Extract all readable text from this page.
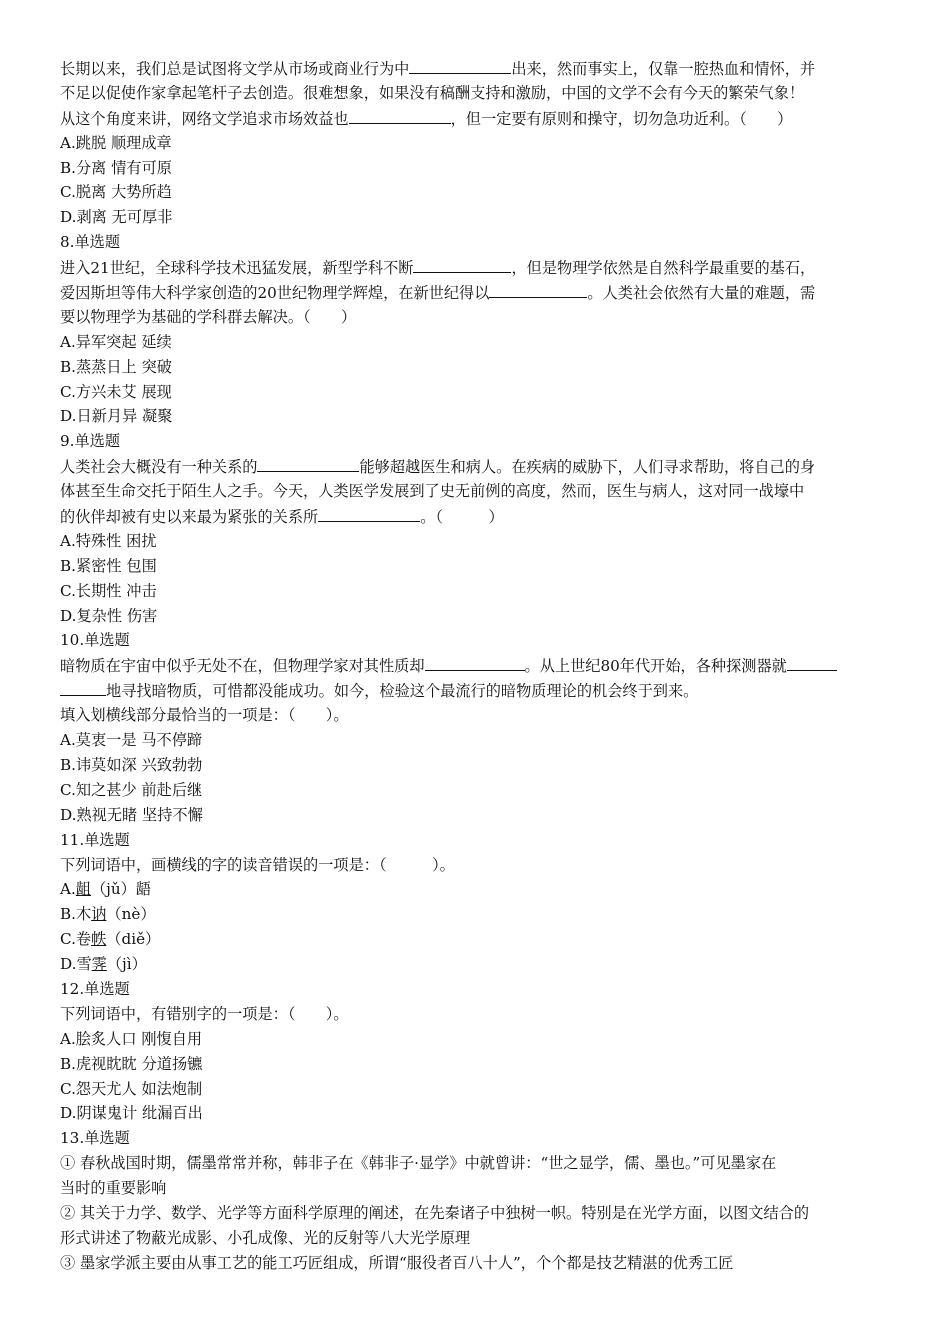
长期以来，我们总是试图将文学从市场或商业行为中	出来，然而事实上，仅靠一腔热血和情怀，并
不足以促使作家拿起笔杆子去创造。很难想象，如果没有稿酬支持和激励，中国的文学不会有今天的繁荣气象！
从这个角度来讲，网络文学追求市场效益也	，但一定要有原则和操守，切勿急功近利。（　　）
A.跳脱 顺理成章
B.分离 情有可原
C.脱离 大势所趋
D.剥离 无可厚非
8.单选题
进入21世纪，全球科学技术迅猛发展，新型学科不断	，但是物理学依然是自然科学最重要的基石，
爱因斯坦等伟大科学家创造的20世纪物理学辉煌，在新世纪得以	。人类社会依然有大量的难题，需
要以物理学为基础的学科群去解决。（　　）
A.异军突起 延续
B.蒸蒸日上 突破
C.方兴未艾 展现
D.日新月异 凝聚
9.单选题
人类社会大概没有一种关系的	能够超越医生和病人。在疾病的威胁下，人们寻求帮助，将自己的身
体甚至生命交托于陌生人之手。今天，人类医学发展到了史无前例的高度，然而，医生与病人，这对同一战壕中
的伙伴却被有史以来最为紧张的关系所	。（　　　）
A.特殊性 困扰
B.紧密性 包围
C.长期性 冲击
D.复杂性 伤害
10.单选题
暗物质在宇宙中似乎无处不在，但物理学家对其性质却	。从上世纪80年代开始，各种探测器就
地寻找暗物质，可惜都没能成功。如今，检验这个最流行的暗物质理论的机会终于到来。
填入划横线部分最恰当的一项是：（　　）。
A.莫衷一是 马不停蹄
B.讳莫如深 兴致勃勃
C.知之甚少 前赴后继
D.熟视无睹 坚持不懈
11.单选题
下列词语中，画横线的字的读音错误的一项是：（　　　）。
A.龃（jǔ）龉
B.木讷（nè）
C.卷帙（diě）
D.雪霁（jì）
12.单选题
下列词语中，有错别字的一项是：（　　）。
A.脍炙人口 刚愎自用
B.虎视眈眈 分道扬镳
C.怨天尤人 如法炮制
D.阴谋鬼计 纰漏百出
13.单选题
① 春秋战国时期，儒墨常常并称，韩非子在《韩非子·显学》中就曾讲：“世之显学，儒、墨也。”可见墨家在
当时的重要影响
② 其关于力学、数学、光学等方面科学原理的阐述，在先秦诸子中独树一帜。特别是在光学方面，以图文结合的
形式讲述了物蔽光成影、小孔成像、光的反射等八大光学原理
③ 墨家学派主要由从事工艺的能工巧匠组成，所谓“服役者百八十人”，个个都是技艺精湛的优秀工匠
